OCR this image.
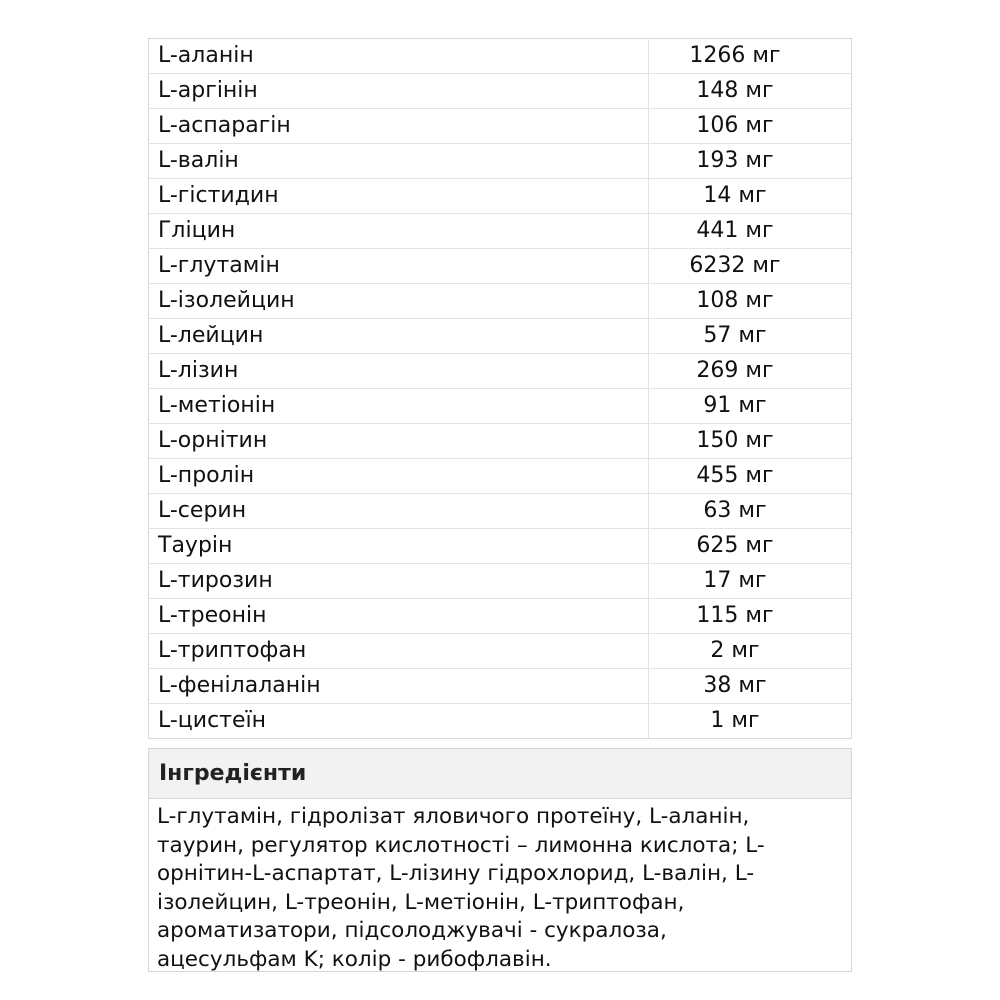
L-аланін	1266 мг
L-аргінін	148 мг
L-аспарагін	106 мг
L-валін	193 мг
L-гістидин	14 мг
Гліцин	441 мг
L-глутамін	6232 мг
L-ізолейцин	108 мг
L-лейцин	57 мг
L-лізин	269 мг
L-метіонін	91 мг
L-орнітин	150 мг
L-пролін	455 мг
L-серин	63 мг
Таурін	625 мг
L-тирозин	17 мг
L-треонін	115 мг
L-триптофан	2 мг
L-фенілаланін	38 мг
L-цистеїн	1 мг
Інгредієнти
L-глутамін, гідролізат яловичого протеїну, L-аланін,
таурин, регулятор кислотності – лимонна кислота; L-
орнітин-L-аспартат, L-лізину гідрохлорид, L-валін, L-
ізолейцин, L-треонін, L-метіонін, L-триптофан,
ароматизатори, підсолоджувачі - сукралоза,
ацесульфам K; колір - рибофлавін.
